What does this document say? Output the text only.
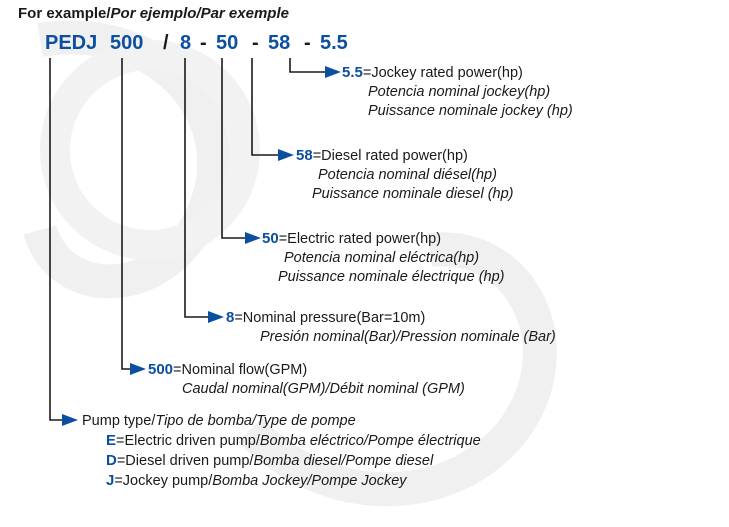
For example/Por ejemplo/Par exemple
PEDJ 500 / 8 - 50 - 58 - 5.5
5.5=Jockey rated power(hp)
Potencia nominal jockey(hp)
Puissance nominale jockey (hp)
58=Diesel rated power(hp)
Potencia nominal diésel(hp)
Puissance nominale diesel (hp)
50=Electric rated power(hp)
Potencia nominal eléctrica(hp)
Puissance nominale électrique (hp)
8=Nominal pressure(Bar=10m)
Presión nominal(Bar)/Pression nominale (Bar)
500=Nominal flow(GPM)
Caudal nominal(GPM)/Débit nominal (GPM)
Pump type/Tipo de bomba/Type de pompe
E=Electric driven pump/Bomba eléctrico/Pompe électrique
D=Diesel driven pump/Bomba diesel/Pompe diesel
J=Jockey pump/Bomba Jockey/Pompe Jockey
